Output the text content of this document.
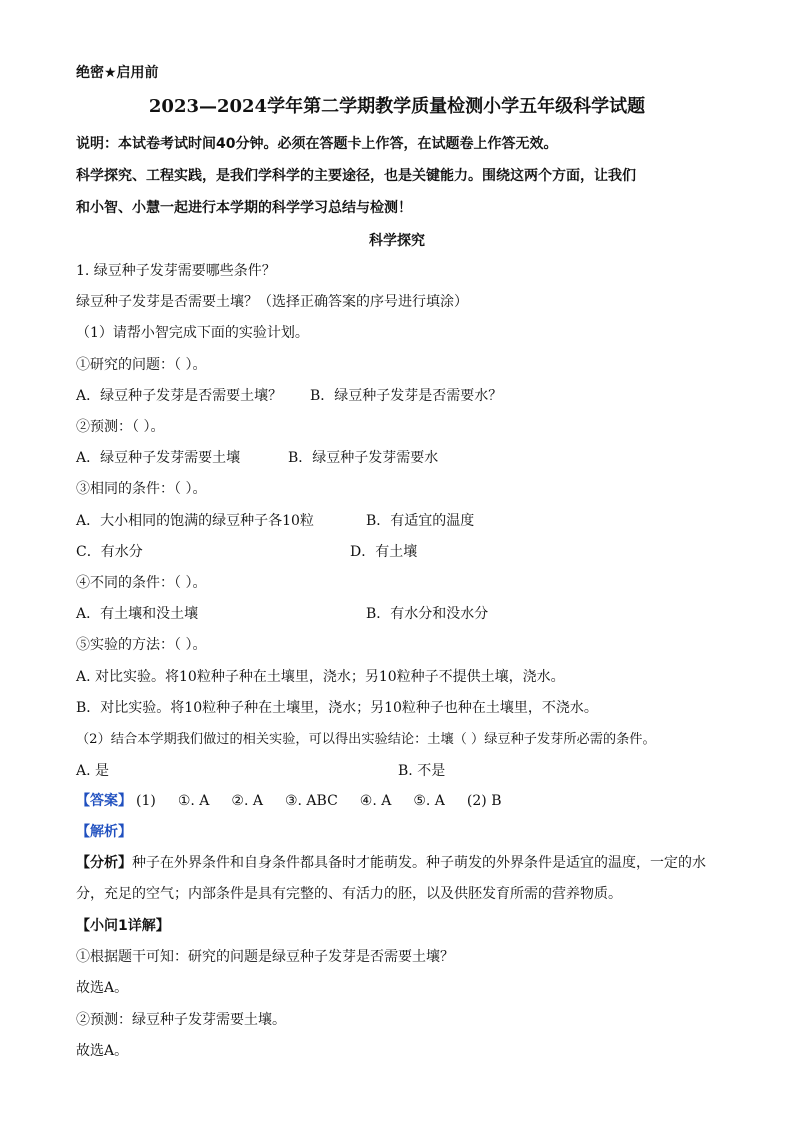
绝密★启用前
2023—2024学年第二学期教学质量检测小学五年级科学试题
说明：本试卷考试时间40分钟。必须在答题卡上作答，在试题卷上作答无效。
科学探究、工程实践，是我们学科学的主要途径，也是关键能力。围绕这两个方面，让我们
和小智、小慧一起进行本学期的科学学习总结与检测！
科学探究
1. 绿豆种子发芽需要哪些条件？
绿豆种子发芽是否需要土壤？（选择正确答案的序号进行填涂）
（1）请帮小智完成下面的实验计划。
①研究的问题：（ ）。
A．绿豆种子发芽是否需要土壤？ B．绿豆种子发芽是否需要水？
②预测：（ ）。
A．绿豆种子发芽需要土壤	B．绿豆种子发芽需要水
③相同的条件：（ ）。
A．大小相同的饱满的绿豆种子各10粒	B．有适宜的温度
C．有水分	D．有土壤
④不同的条件：（ ）。
A．有土壤和没土壤	B．有水分和没水分
⑤实验的方法：（ ）。
A. 对比实验。将10粒种子种在土壤里，浇水；另10粒种子不提供土壤，浇水。
B．对比实验。将10粒种子种在土壤里，浇水；另10粒种子也种在土壤里，不浇水。
（2）结合本学期我们做过的相关实验，可以得出实验结论：土壤（ ）绿豆种子发芽所必需的条件。
A. 是	B. 不是
【答案】 (1) ①. A ②. A ③. ABC ④. A ⑤. A (2) B
【解析】
【分析】种子在外界条件和自身条件都具备时才能萌发。种子萌发的外界条件是适宜的温度，一定的水
分，充足的空气；内部条件是具有完整的、有活力的胚，以及供胚发育所需的营养物质。
【小问1详解】
①根据题干可知：研究的问题是绿豆种子发芽是否需要土壤？
故选A。
②预测：绿豆种子发芽需要土壤。
故选A。
